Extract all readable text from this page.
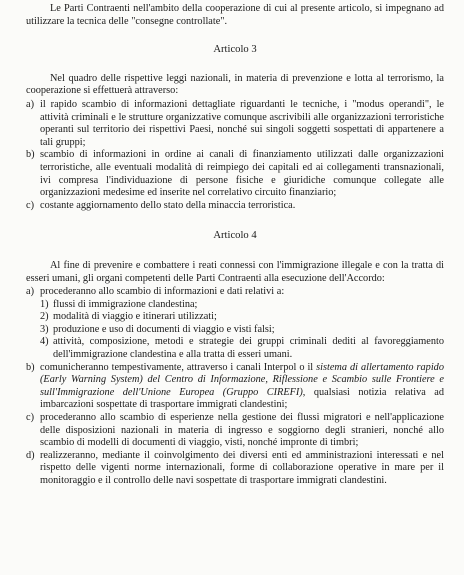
Le Parti Contraenti nell'ambito della cooperazione di cui al presente articolo, si impegnano ad utilizzare la tecnica delle "consegne controllate".

Articolo 3

Nel quadro delle rispettive leggi nazionali, in materia di prevenzione e lotta al terrorismo, la cooperazione si effettuerà attraverso:

a) il rapido scambio di informazioni dettagliate riguardanti le tecniche, i "modus operandi", le attività criminali e le strutture organizzative comunque ascrivibili alle organizzazioni terroristiche operanti sul territorio dei rispettivi Paesi, nonché sui singoli soggetti sospettati di appartenere a tali gruppi;
b) scambio di informazioni in ordine ai canali di finanziamento utilizzati dalle organizzazioni terroristiche, alle eventuali modalità di reimpiego dei capitali ed ai collegamenti transnazionali, ivi compresa l'individuazione di persone fisiche e giuridiche comunque collegate alle organizzazioni medesime ed inserite nel correlativo circuito finanziario;
c) costante aggiornamento dello stato della minaccia terroristica.

Articolo 4

Al fine di prevenire e combattere i reati connessi con l'immigrazione illegale e con la tratta di esseri umani, gli organi competenti delle Parti Contraenti alla esecuzione dell'Accordo:

a) procederanno allo scambio di informazioni e dati relativi a:
1) flussi di immigrazione clandestina;
2) modalità di viaggio e itinerari utilizzati;
3) produzione e uso di documenti di viaggio e visti falsi;
4) attività, composizione, metodi e strategie dei gruppi criminali dediti al favoreggiamento dell'immigrazione clandestina e alla tratta di esseri umani.
b) comunicheranno tempestivamente, attraverso i canali Interpol o il sistema di allertamento rapido (Early Warning System) del Centro di Informazione, Riflessione e Scambio sulle Frontiere e sull'Immigrazione dell'Unione Europea (Gruppo CIREFI), qualsiasi notizia relativa ad imbarcazioni sospettate di trasportare immigrati clandestini;
c) procederanno allo scambio di esperienze nella gestione dei flussi migratori e nell'applicazione delle disposizioni nazionali in materia di ingresso e soggiorno degli stranieri, nonché allo scambio di modelli di documenti di viaggio, visti, nonché impronte di timbri;
d) realizzeranno, mediante il coinvolgimento dei diversi enti ed amministrazioni interessati e nel rispetto delle vigenti norme internazionali, forme di collaborazione operative in mare per il monitoraggio e il controllo delle navi sospettate di trasportare immigrati clandestini.
